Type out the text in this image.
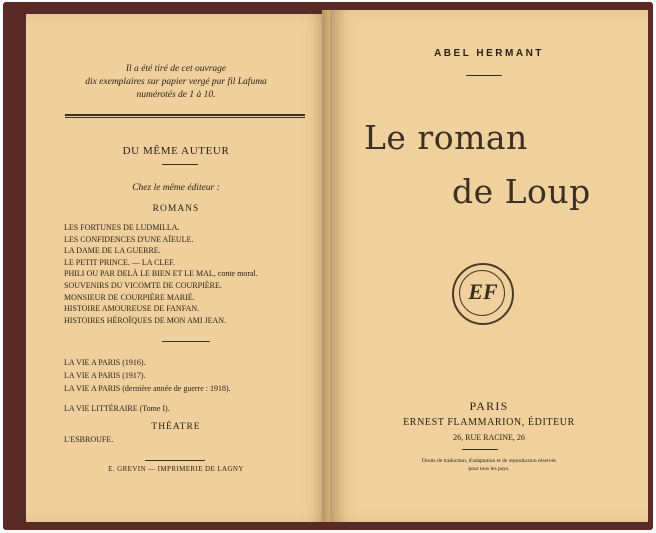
Il a été tiré de cet ouvrage
dix exemplaires sur papier vergé pur fil Lafuma
numérotés de 1 à 10.
DU MÊME AUTEUR
Chez le même éditeur :
ROMANS
LES FORTUNES DE LUDMILLA.
LES CONFIDENCES D'UNE AÏEULE.
LA DAME DE LA GUERRE.
LE PETIT PRINCE. — LA CLEF.
PHILI OU PAR DELÀ LE BIEN ET LE MAL, conte moral.
SOUVENIRS DU VICOMTE DE COURPIÈRE.
MONSIEUR DE COURPIÈRE MARIÉ.
HISTOIRE AMOUREUSE DE FANFAN.
HISTOIRES HÉROÏQUES DE MON AMI JEAN.
LA VIE A PARIS (1916).
LA VIE A PARIS (1917).
LA VIE A PARIS (dernière année de guerre : 1918).
LA VIE LITTÉRAIRE (Tome I).
THÉATRE
L'ESBROUFE.
E. GREVIN — IMPRIMERIE DE LAGNY
ABEL HERMANT
Le roman
de Loup
EF
PARIS
ERNEST FLAMMARION, ÉDITEUR
26, RUE RACINE, 26
Droits de traduction, d'adaptation et de reproduction réservés
pour tous les pays.
